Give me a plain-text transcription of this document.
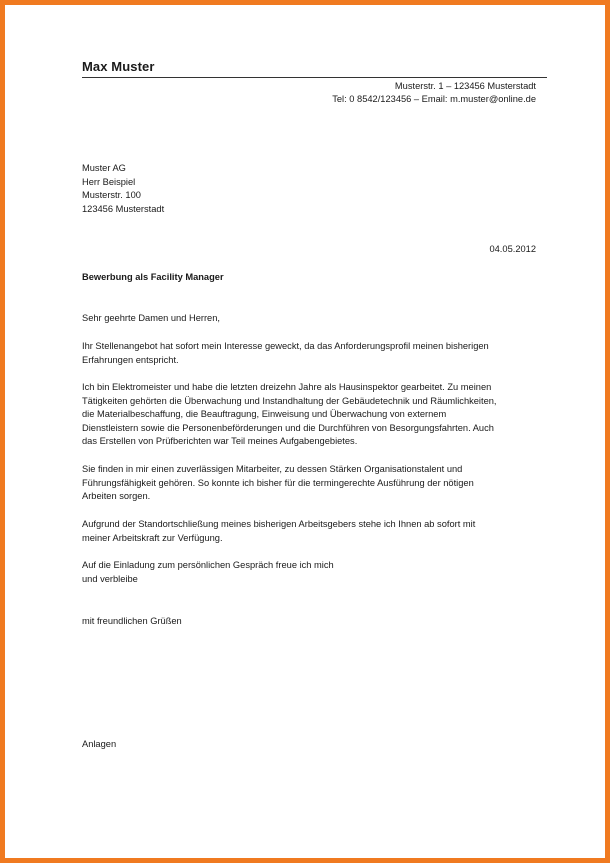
Max Muster
Musterstr. 1 – 123456 Musterstadt
Tel: 0 8542/123456 – Email: m.muster@online.de
Muster AG
Herr Beispiel
Musterstr. 100
123456 Musterstadt
04.05.2012
Bewerbung als Facility Manager
Sehr geehrte Damen und Herren,
Ihr Stellenangebot hat sofort mein Interesse geweckt, da das Anforderungsprofil meinen bisherigen
Erfahrungen entspricht.
Ich bin Elektromeister und habe die letzten dreizehn Jahre als Hausinspektor gearbeitet. Zu meinen
Tätigkeiten gehörten die Überwachung und Instandhaltung der Gebäudetechnik und Räumlichkeiten,
die Materialbeschaffung, die Beauftragung, Einweisung und Überwachung von externem
Dienstleistern sowie die Personenbeförderungen und die Durchführen von Besorgungsfahrten. Auch
das Erstellen von Prüfberichten war Teil meines Aufgabengebietes.
Sie finden in mir einen zuverlässigen Mitarbeiter, zu dessen Stärken Organisationstalent und
Führungsfähigkeit gehören. So konnte ich bisher für die termingerechte Ausführung der nötigen
Arbeiten sorgen.
Aufgrund der Standortschließung meines bisherigen Arbeitsgebers stehe ich Ihnen ab sofort mit
meiner Arbeitskraft zur Verfügung.
Auf die Einladung zum persönlichen Gespräch freue ich mich
und verbleibe
mit freundlichen Grüßen
Anlagen
